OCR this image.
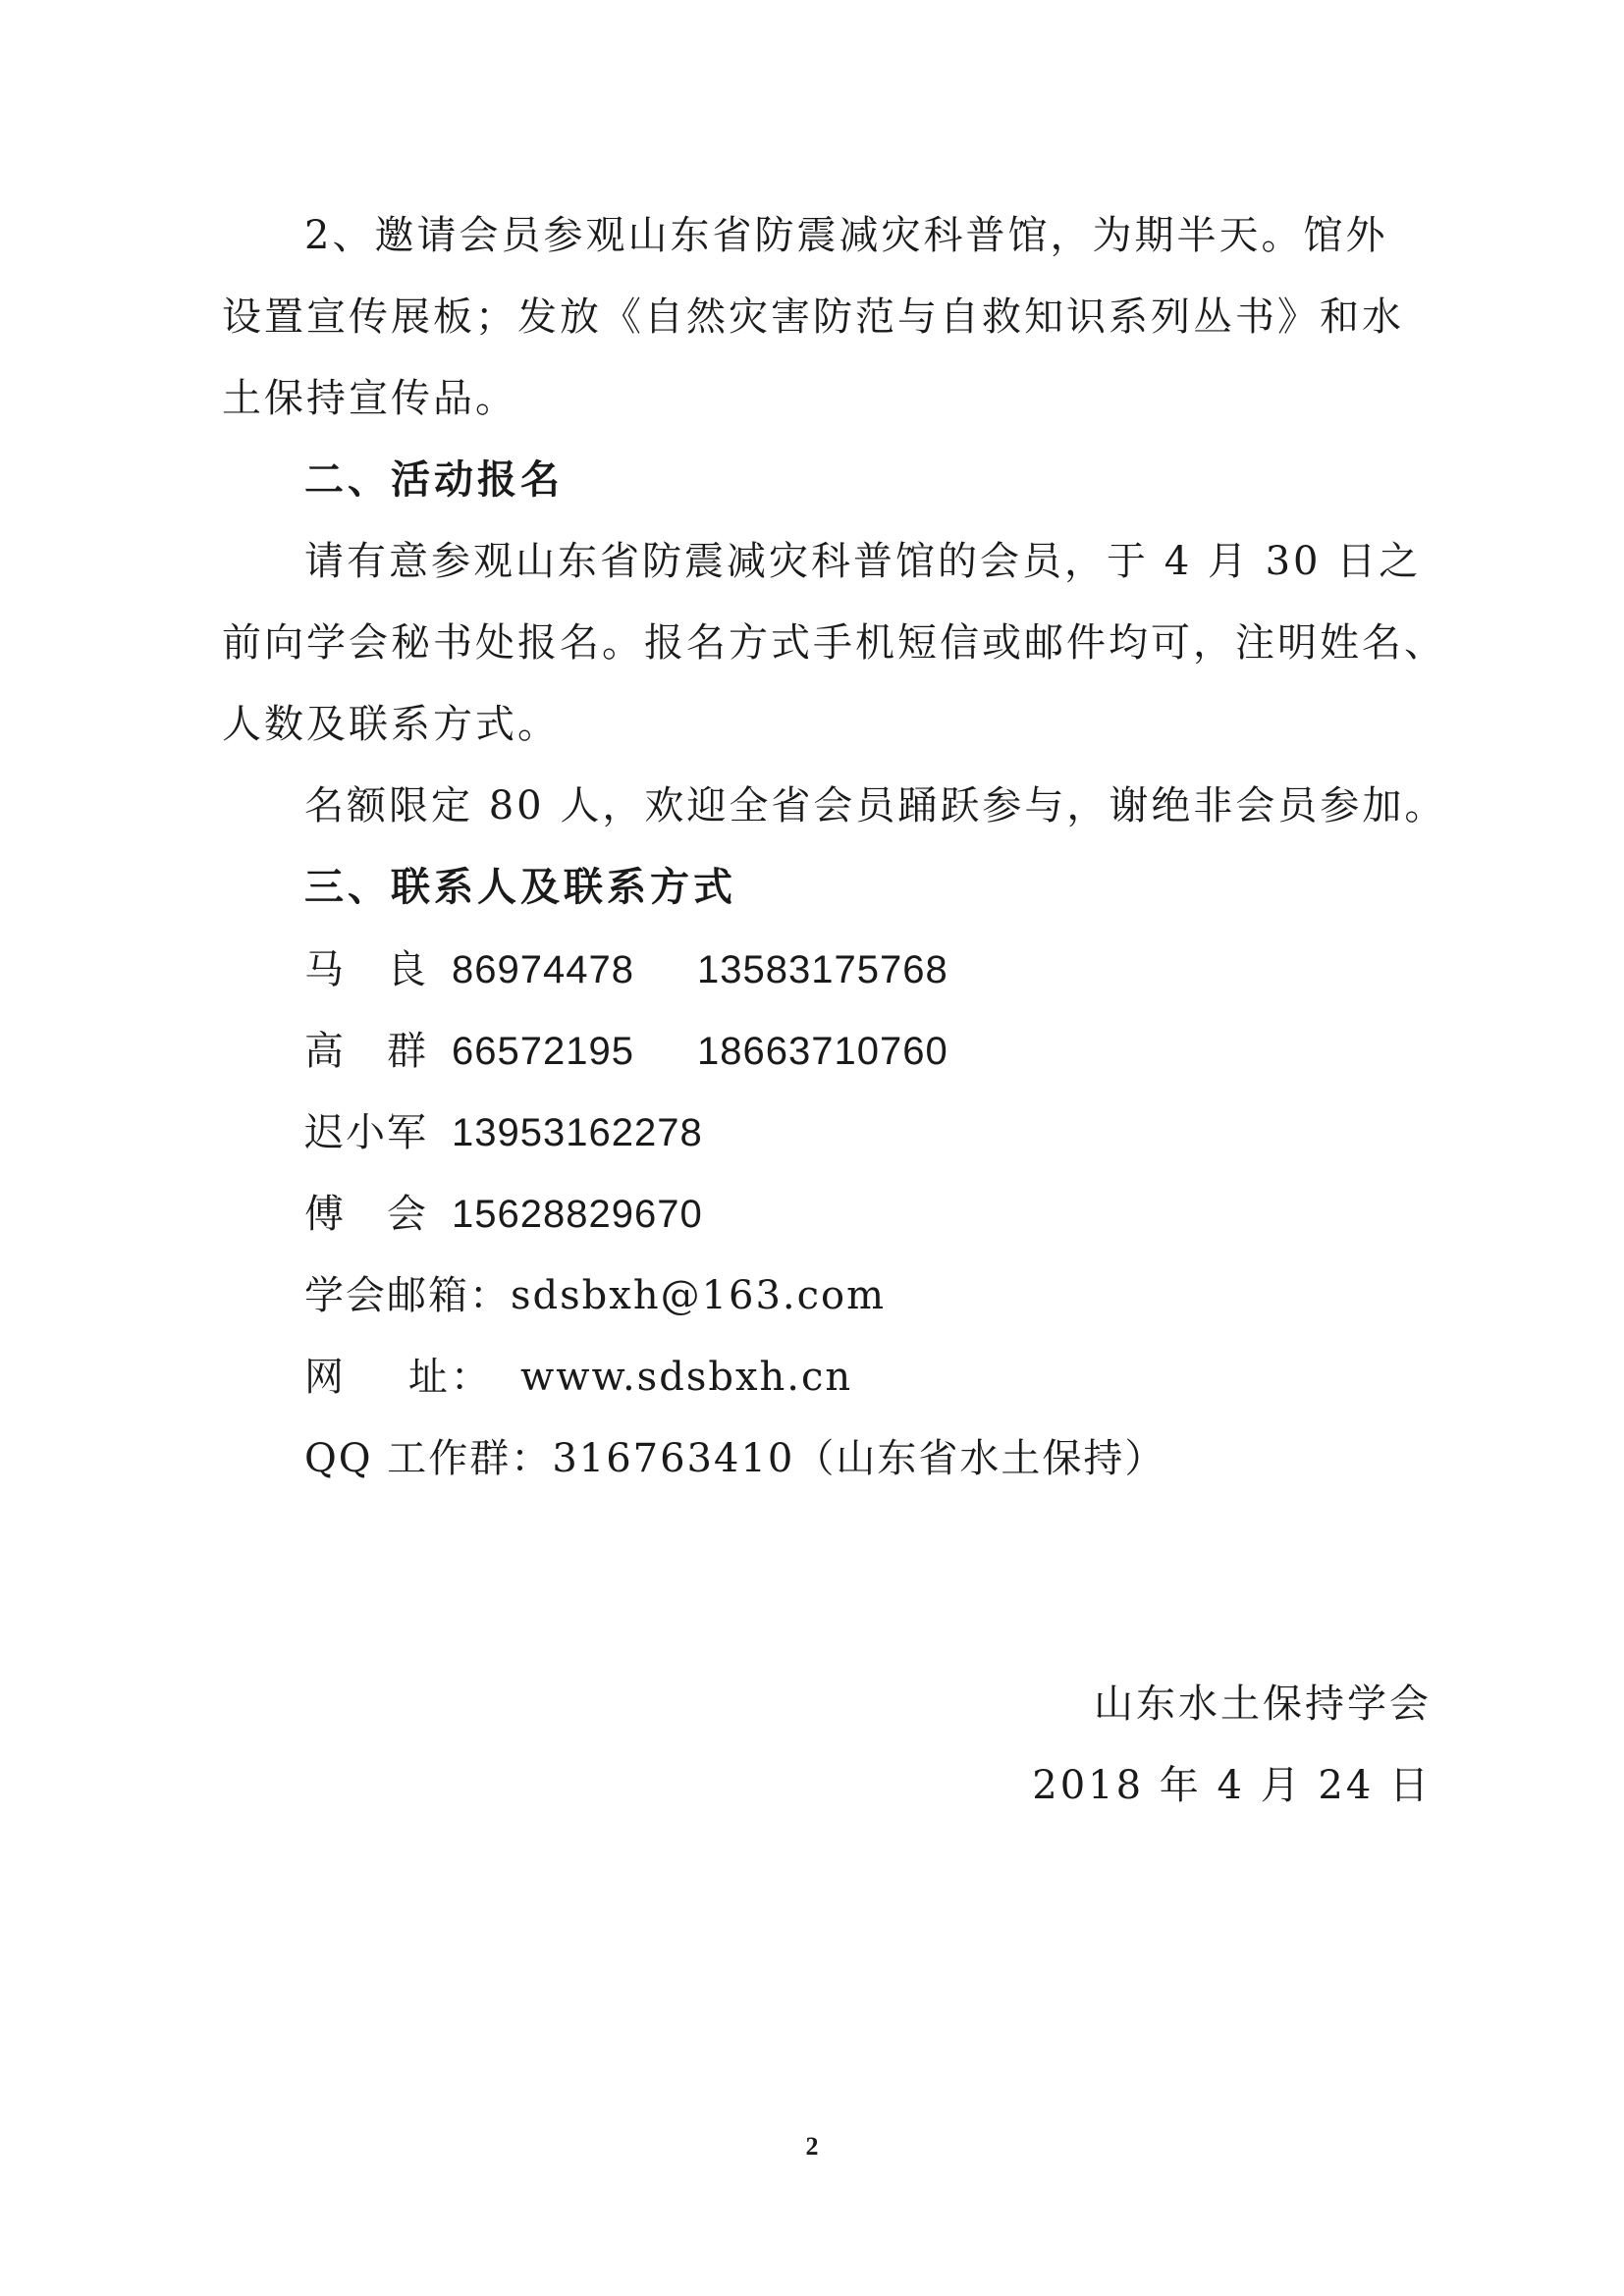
2、邀请会员参观山东省防震减灾科普馆，为期半天。馆外
设置宣传展板；发放《自然灾害防范与自救知识系列丛书》和水
土保持宣传品。
二、活动报名
请有意参观山东省防震减灾科普馆的会员，于 4 月 30 日之
前向学会秘书处报名。报名方式手机短信或邮件均可，注明姓名、
人数及联系方式。
名额限定 80 人，欢迎全省会员踊跃参与，谢绝非会员参加。
三、联系人及联系方式
马良86974478 13583175768
高群66572195 18663710760
迟小军 13953162278
傅会15628829670
学会邮箱：sdsbxh@163.com
网    址： www.sdsbxh.cn
QQ 工作群：316763410（山东省水土保持）
山东水土保持学会
2018 年 4 月 24 日
2
